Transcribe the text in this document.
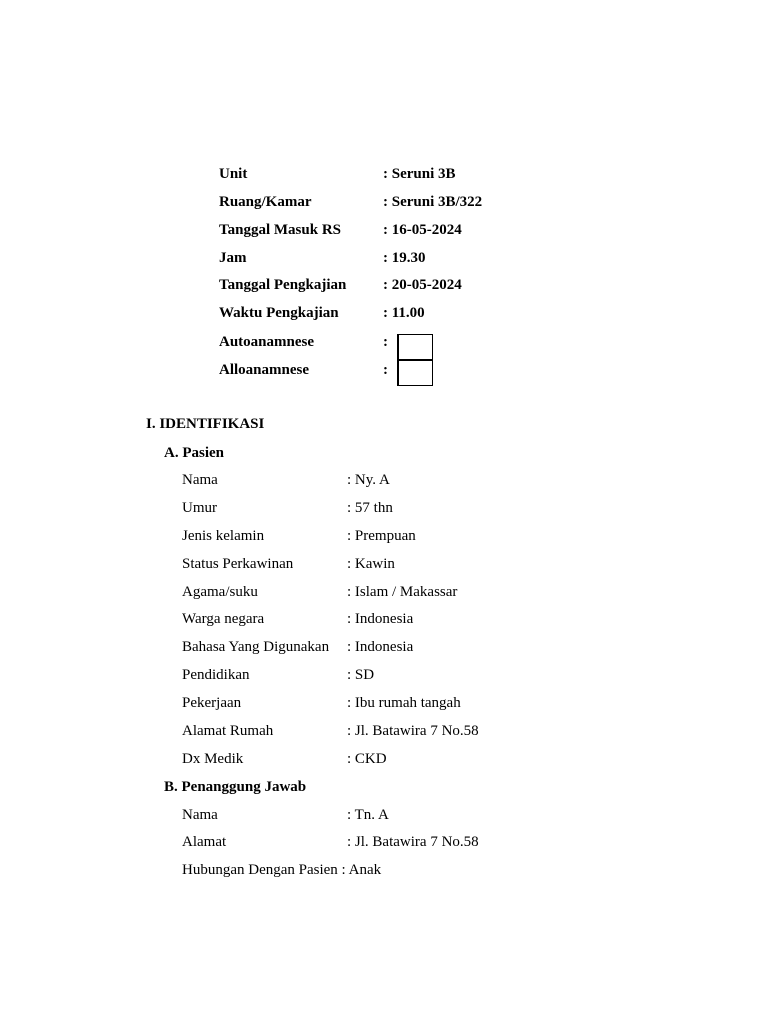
Unit	: Seruni 3B
Ruang/Kamar	: Seruni 3B/322
Tanggal Masuk RS	: 16-05-2024
Jam	: 19.30
Tanggal Pengkajian : 20-05-2024
Waktu Pengkajian	: 11.00
Autoanamnese	:
Alloanamnese	:
I. IDENTIFIKASI
A. Pasien
Nama	: Ny. A
Umur	: 57 thn
Jenis kelamin	: Prempuan
Status Perkawinan	: Kawin
Agama/suku	: Islam / Makassar
Warga negara	: Indonesia
Bahasa Yang Digunakan : Indonesia
Pendidikan	: SD
Pekerjaan	: Ibu rumah tangah
Alamat Rumah	: Jl. Batawira 7 No.58
Dx Medik	: CKD
B. Penanggung Jawab
Nama	: Tn. A
Alamat	: Jl. Batawira 7 No.58
Hubungan Dengan Pasien : Anak
